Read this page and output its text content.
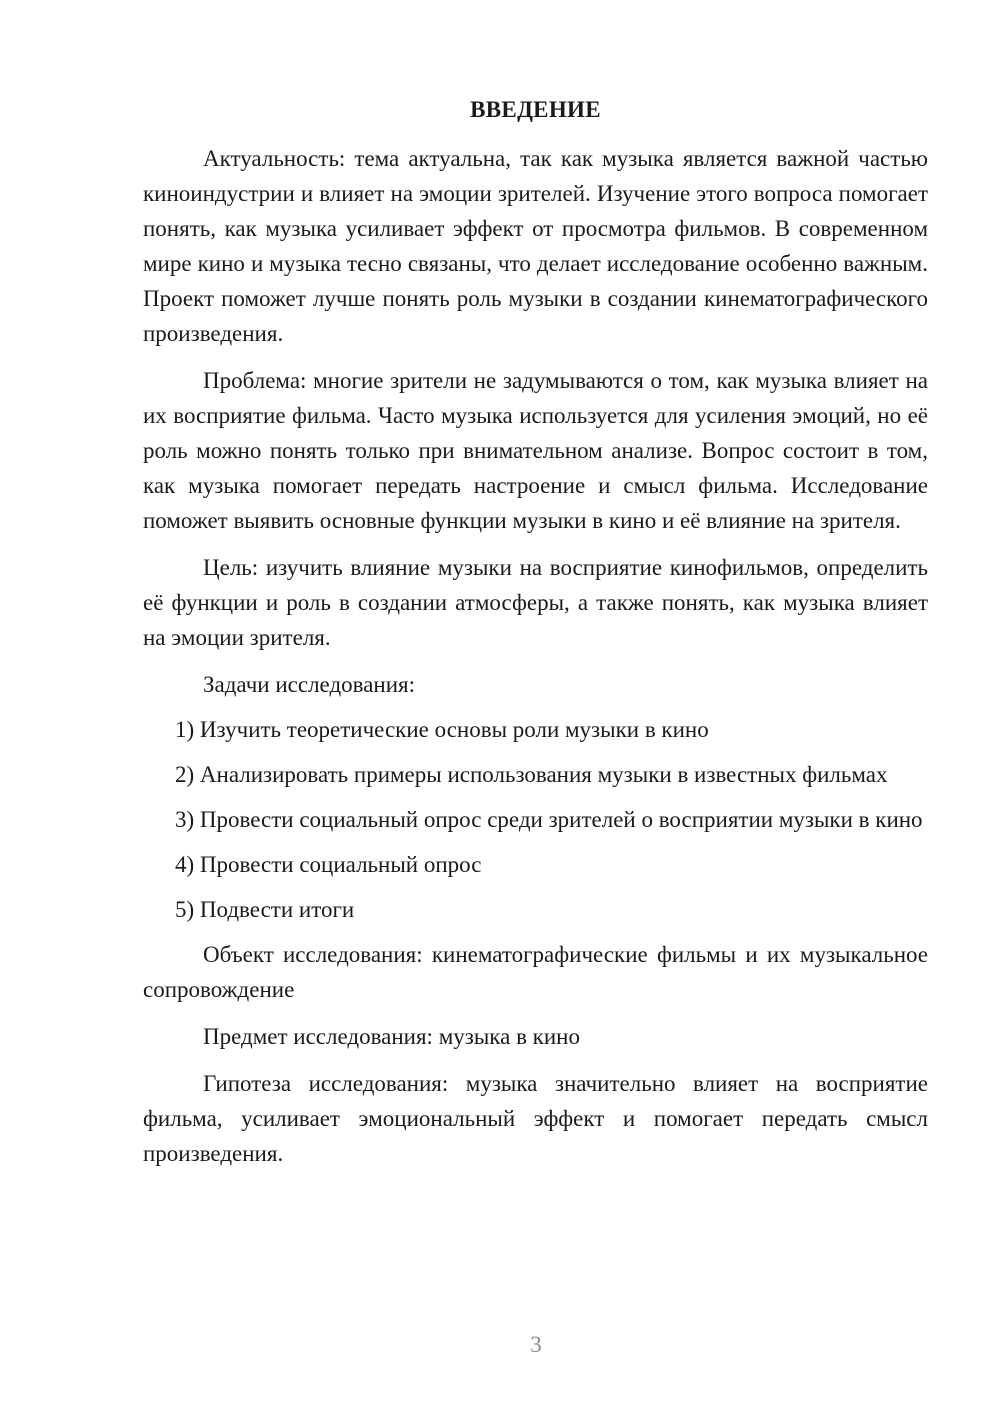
ВВЕДЕНИЕ

Актуальность: тема актуальна, так как музыка является важной частью киноиндустрии и влияет на эмоции зрителей. Изучение этого вопроса помогает понять, как музыка усиливает эффект от просмотра фильмов. В современном мире кино и музыка тесно связаны, что делает исследование особенно важным. Проект поможет лучше понять роль музыки в создании кинематографического произведения.

Проблема: многие зрители не задумываются о том, как музыка влияет на их восприятие фильма. Часто музыка используется для усиления эмоций, но её роль можно понять только при внимательном анализе. Вопрос состоит в том, как музыка помогает передать настроение и смысл фильма. Исследование поможет выявить основные функции музыки в кино и её влияние на зрителя.

Цель: изучить влияние музыки на восприятие кинофильмов, определить её функции и роль в создании атмосферы, а также понять, как музыка влияет на эмоции зрителя.

Задачи исследования:

1) Изучить теоретические основы роли музыки в кино

2) Анализировать примеры использования музыки в известных фильмах

3) Провести социальный опрос среди зрителей о восприятии музыки в кино

4) Провести социальный опрос

5) Подвести итоги

Объект исследования: кинематографические фильмы и их музыкальное сопровождение

Предмет исследования: музыка в кино

Гипотеза исследования: музыка значительно влияет на восприятие фильма, усиливает эмоциональный эффект и помогает передать смысл произведения.

3
